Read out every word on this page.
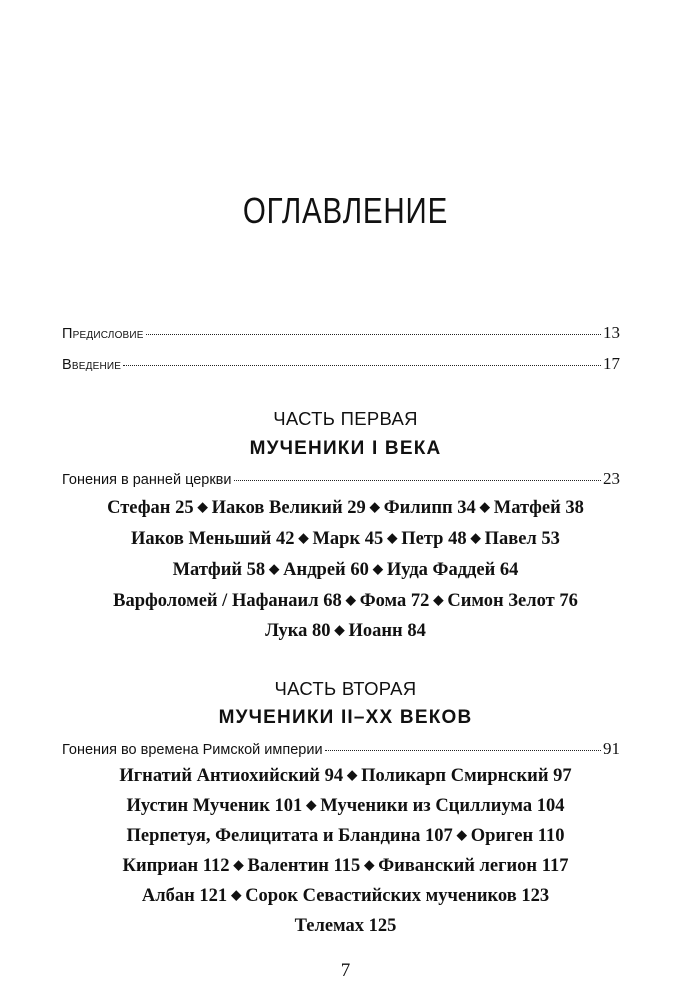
ОГЛАВЛЕНИЕ
Предисловие	13
Введение	17
ЧАСТЬ ПЕРВАЯ
МУЧЕНИКИ I ВЕКА
Гонения в ранней церкви	23
Стефан 25 ◆ Иаков Великий 29 ◆ Филипп 34 ◆ Матфей 38
Иаков Меньший 42 ◆ Марк 45 ◆ Петр 48 ◆ Павел 53
Матфий 58 ◆ Андрей 60 ◆ Иуда Фаддей 64
Варфоломей / Нафанаил 68 ◆ Фома 72 ◆ Симон Зелот 76
Лука 80 ◆ Иоанн 84
ЧАСТЬ ВТОРАЯ
МУЧЕНИКИ II–XX ВЕКОВ
Гонения во времена Римской империи	91
Игнатий Антиохийский 94 ◆ Поликарп Смирнский 97
Иустин Мученик 101 ◆ Мученики из Сциллиума 104
Перпетуя, Фелицитата и Бландина 107 ◆ Ориген 110
Киприан 112 ◆ Валентин 115 ◆ Фиванский легион 117
Албан 121 ◆ Сорок Севастийских мучеников 123
Телемах 125
7
